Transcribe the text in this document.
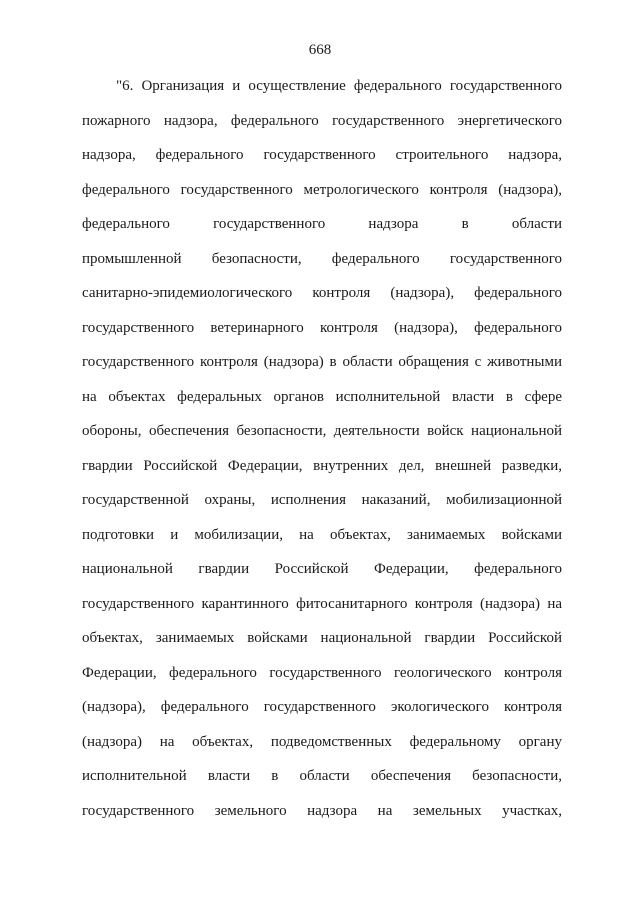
668
"6. Организация и осуществление федерального государственного
пожарного надзора, федерального государственного энергетического
надзора, федерального государственного строительного надзора,
федерального государственного метрологического контроля (надзора),
федерального государственного надзора в области
промышленной безопасности, федерального государственного
санитарно-эпидемиологического контроля (надзора), федерального
государственного ветеринарного контроля (надзора), федерального
государственного контроля (надзора) в области обращения с животными
на объектах федеральных органов исполнительной власти в сфере
обороны, обеспечения безопасности, деятельности войск национальной
гвардии Российской Федерации, внутренних дел, внешней разведки,
государственной охраны, исполнения наказаний, мобилизационной
подготовки и мобилизации, на объектах, занимаемых войсками
национальной гвардии Российской Федерации, федерального
государственного карантинного фитосанитарного контроля (надзора) на
объектах, занимаемых войсками национальной гвардии Российской
Федерации, федерального государственного геологического контроля
(надзора), федерального государственного экологического контроля
(надзора) на объектах, подведомственных федеральному органу
исполнительной власти в области обеспечения безопасности,
государственного земельного надзора на земельных участках,
